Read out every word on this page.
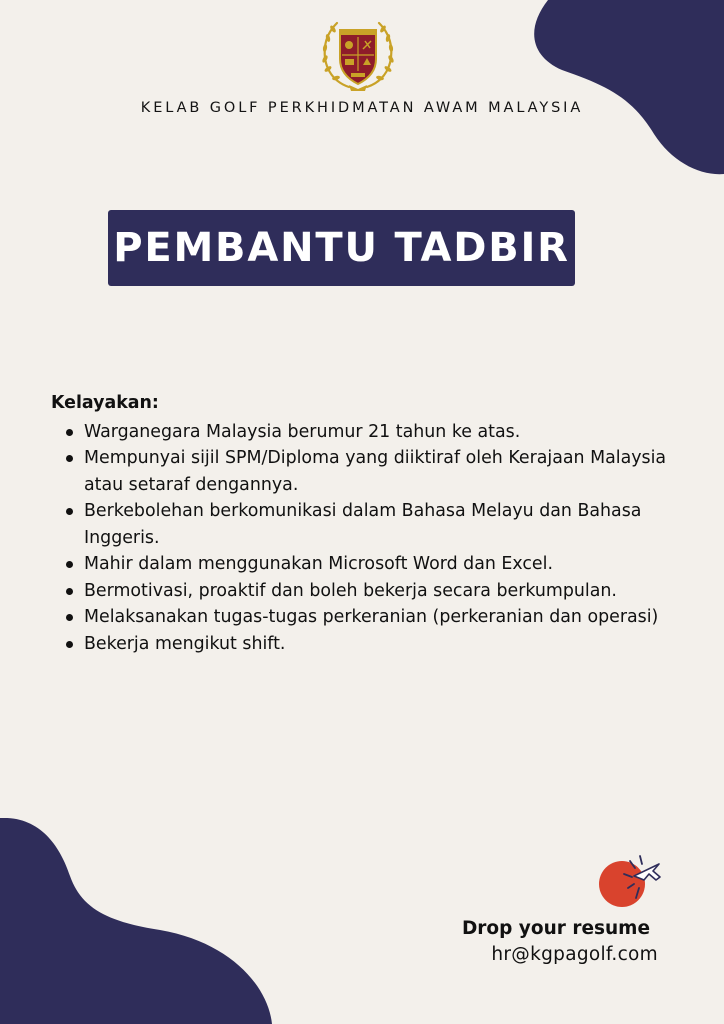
KELAB GOLF PERKHIDMATAN AWAM MALAYSIA
PEMBANTU TADBIR

Kelayakan:

Warganegara Malaysia berumur 21 tahun ke atas.
Mempunyai sijil SPM/Diploma yang diiktiraf oleh Kerajaan Malaysia atau setaraf dengannya.
Berkebolehan berkomunikasi dalam Bahasa Melayu dan Bahasa Inggeris.
Mahir dalam menggunakan Microsoft Word dan Excel.
Bermotivasi, proaktif dan boleh bekerja secara berkumpulan.
Melaksanakan tugas-tugas perkeranian (perkeranian dan operasi)
Bekerja mengikut shift.
Drop your resume
hr@kgpagolf.com
